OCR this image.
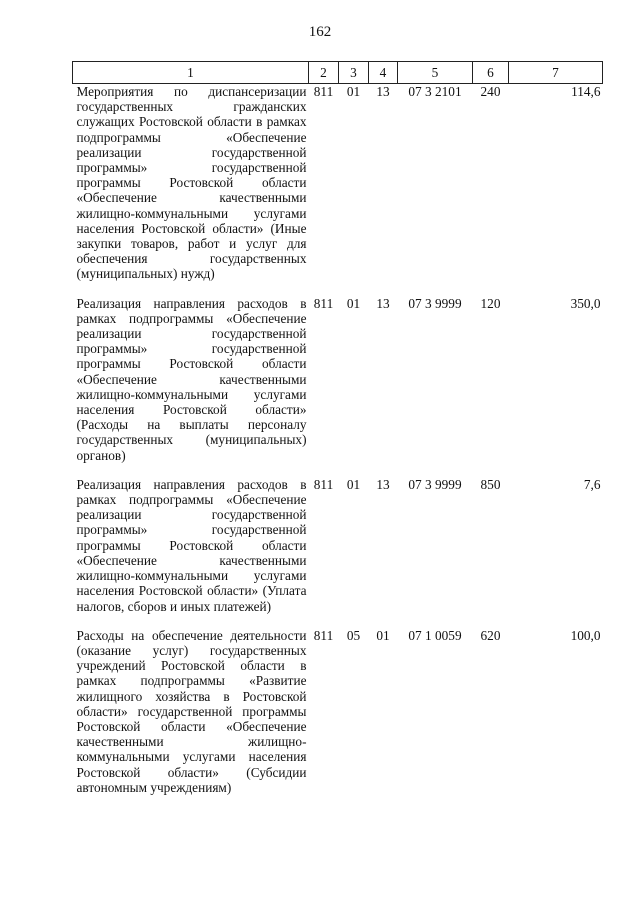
162
1	2	3	4	5	6	7
Мероприятия по диспансеризации государственных гражданских служащих Ростовской области в рамках подпрограммы «Обеспечение реализации государственной программы» государственной программы Ростовской области «Обеспечение качественными жилищно-коммунальными услугами населения Ростовской области» (Иные закупки товаров, работ и услуг для обеспечения государственных (муниципальных) нужд)	811	01	13	07 3 2101	240	114,6

Реализация направления расходов в рамках подпрограммы «Обеспечение реализации государственной программы» государственной программы Ростовской области «Обеспечение качественными жилищно-коммунальными услугами населения Ростовской области» (Расходы на выплаты персоналу государственных (муниципальных) органов)	811	01	13	07 3 9999	120	350,0

Реализация направления расходов в рамках подпрограммы «Обеспечение реализации государственной программы» государственной программы Ростовской области «Обеспечение качественными жилищно-коммунальными услугами населения Ростовской области» (Уплата налогов, сборов и иных платежей)	811	01	13	07 3 9999	850	7,6

Расходы на обеспечение деятельности (оказание услуг) государственных учреждений Ростовской области в рамках подпрограммы «Развитие жилищного хозяйства в Ростовской области» государственной программы Ростовской области «Обеспечение качественными жилищно-коммунальными услугами населения Ростовской области» (Субсидии автономным учреждениям)	811	05	01	07 1 0059	620	100,0
